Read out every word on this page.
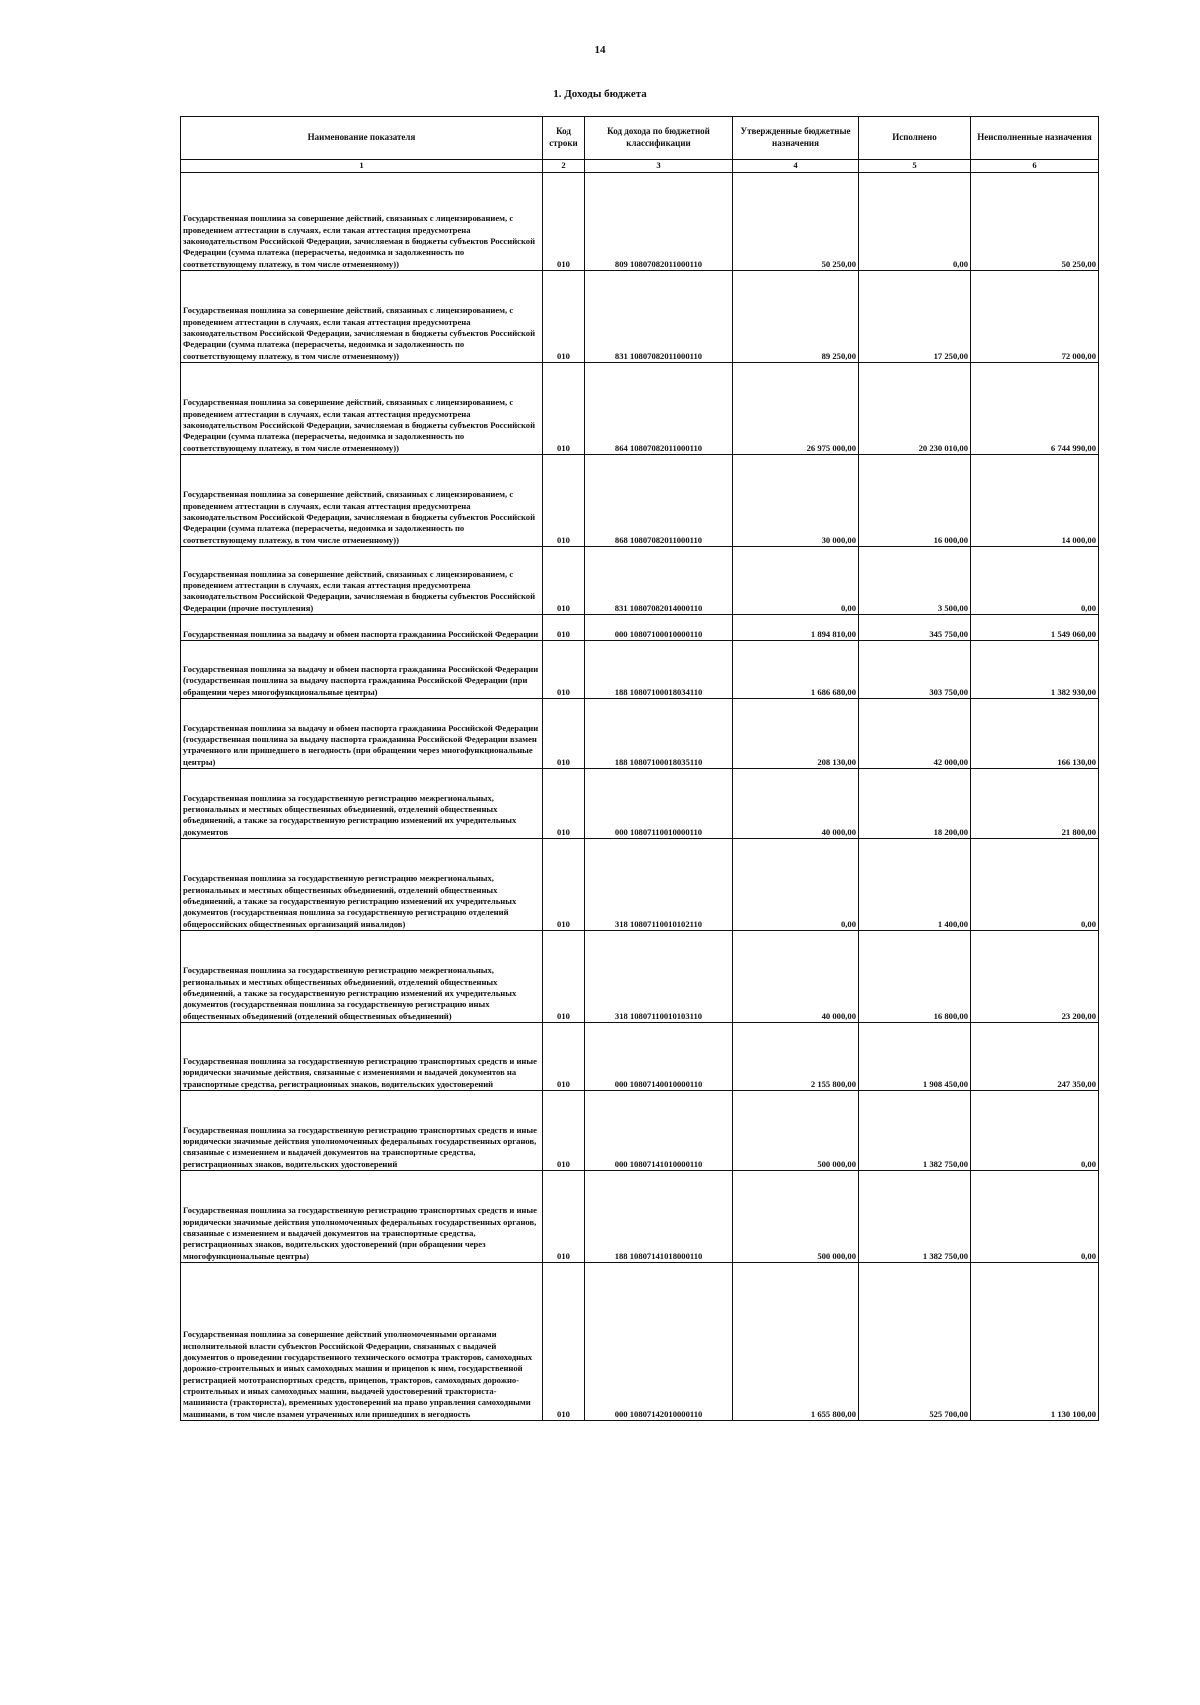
14
1. Доходы бюджета
Наименование показателя	Код строки	Код дохода по бюджетной классификации	Утвержденные бюджетные назначения	Исполнено	Неисполненные назначения
1	2	3	4	5	6
Государственная пошлина за совершение действий, связанных с лицензированием, с проведением аттестации в случаях, если такая аттестация предусмотрена законодательством Российской Федерации, зачисляемая в бюджеты субъектов Российской Федерации (сумма платежа (перерасчеты, недоимка и задолженность по соответствующему платежу, в том числе отмененному))	010	809 10807082011000110	50 250,00	0,00	50 250,00
Государственная пошлина за совершение действий, связанных с лицензированием, с проведением аттестации в случаях, если такая аттестация предусмотрена законодательством Российской Федерации, зачисляемая в бюджеты субъектов Российской Федерации (сумма платежа (перерасчеты, недоимка и задолженность по соответствующему платежу, в том числе отмененному))	010	831 10807082011000110	89 250,00	17 250,00	72 000,00
Государственная пошлина за совершение действий, связанных с лицензированием, с проведением аттестации в случаях, если такая аттестация предусмотрена законодательством Российской Федерации, зачисляемая в бюджеты субъектов Российской Федерации (сумма платежа (перерасчеты, недоимка и задолженность по соответствующему платежу, в том числе отмененному))	010	864 10807082011000110	26 975 000,00	20 230 010,00	6 744 990,00
Государственная пошлина за совершение действий, связанных с лицензированием, с проведением аттестации в случаях, если такая аттестация предусмотрена законодательством Российской Федерации, зачисляемая в бюджеты субъектов Российской Федерации (сумма платежа (перерасчеты, недоимка и задолженность по соответствующему платежу, в том числе отмененному))	010	868 10807082011000110	30 000,00	16 000,00	14 000,00
Государственная пошлина за совершение действий, связанных с лицензированием, с проведением аттестации в случаях, если такая аттестация предусмотрена законодательством Российской Федерации, зачисляемая в бюджеты субъектов Российской Федерации (прочие поступления)	010	831 10807082014000110	0,00	3 500,00	0,00
Государственная пошлина за выдачу и обмен паспорта гражданина Российской Федерации	010	000 10807100010000110	1 894 810,00	345 750,00	1 549 060,00
Государственная пошлина за выдачу и обмен паспорта гражданина Российской Федерации (государственная пошлина за выдачу паспорта гражданина Российской Федерации (при обращении через многофункциональные центры)	010	188 10807100018034110	1 686 680,00	303 750,00	1 382 930,00
Государственная пошлина за выдачу и обмен паспорта гражданина Российской Федерации (государственная пошлина за выдачу паспорта гражданина Российской Федерации взамен утраченного или пришедшего в негодность (при обращении через многофункциональные центры)	010	188 10807100018035110	208 130,00	42 000,00	166 130,00
Государственная пошлина за государственную регистрацию межрегиональных, региональных и местных общественных объединений, отделений общественных объединений, а также за государственную регистрацию изменений их учредительных документов	010	000 10807110010000110	40 000,00	18 200,00	21 800,00
Государственная пошлина за государственную регистрацию межрегиональных, региональных и местных общественных объединений, отделений общественных объединений, а также за государственную регистрацию изменений их учредительных документов (государственная пошлина за государственную регистрацию отделений общероссийских общественных организаций инвалидов)	010	318 10807110010102110	0,00	1 400,00	0,00
Государственная пошлина за государственную регистрацию межрегиональных, региональных и местных общественных объединений, отделений общественных объединений, а также за государственную регистрацию изменений их учредительных документов (государственная пошлина за государственную регистрацию иных общественных объединений (отделений общественных объединений)	010	318 10807110010103110	40 000,00	16 800,00	23 200,00
Государственная пошлина за государственную регистрацию транспортных средств и иные юридически значимые действия, связанные с изменениями и выдачей документов на транспортные средства, регистрационных знаков, водительских удостоверений	010	000 10807140010000110	2 155 800,00	1 908 450,00	247 350,00
Государственная пошлина за государственную регистрацию транспортных средств и иные юридически значимые действия уполномоченных федеральных государственных органов, связанные с изменением и выдачей документов на транспортные средства, регистрационных знаков, водительских удостоверений	010	000 10807141010000110	500 000,00	1 382 750,00	0,00
Государственная пошлина за государственную регистрацию транспортных средств и иные юридически значимые действия уполномоченных федеральных государственных органов, связанные с изменением и выдачей документов на транспортные средства, регистрационных знаков, водительских удостоверений (при обращении через многофункциональные центры)	010	188 10807141018000110	500 000,00	1 382 750,00	0,00
Государственная пошлина за совершение действий уполномоченными органами исполнительной власти субъектов Российской Федерации, связанных с выдачей документов о проведении государственного технического осмотра тракторов, самоходных дорожно-строительных и иных самоходных машин и прицепов к ним, государственной регистрацией мототранспортных средств, прицепов, тракторов, самоходных дорожно-строительных и иных самоходных машин, выдачей удостоверений тракториста-машиниста (тракториста), временных удостоверений на право управления самоходными машинами, в том числе взамен утраченных или пришедших в негодность	010	000 10807142010000110	1 655 800,00	525 700,00	1 130 100,00
